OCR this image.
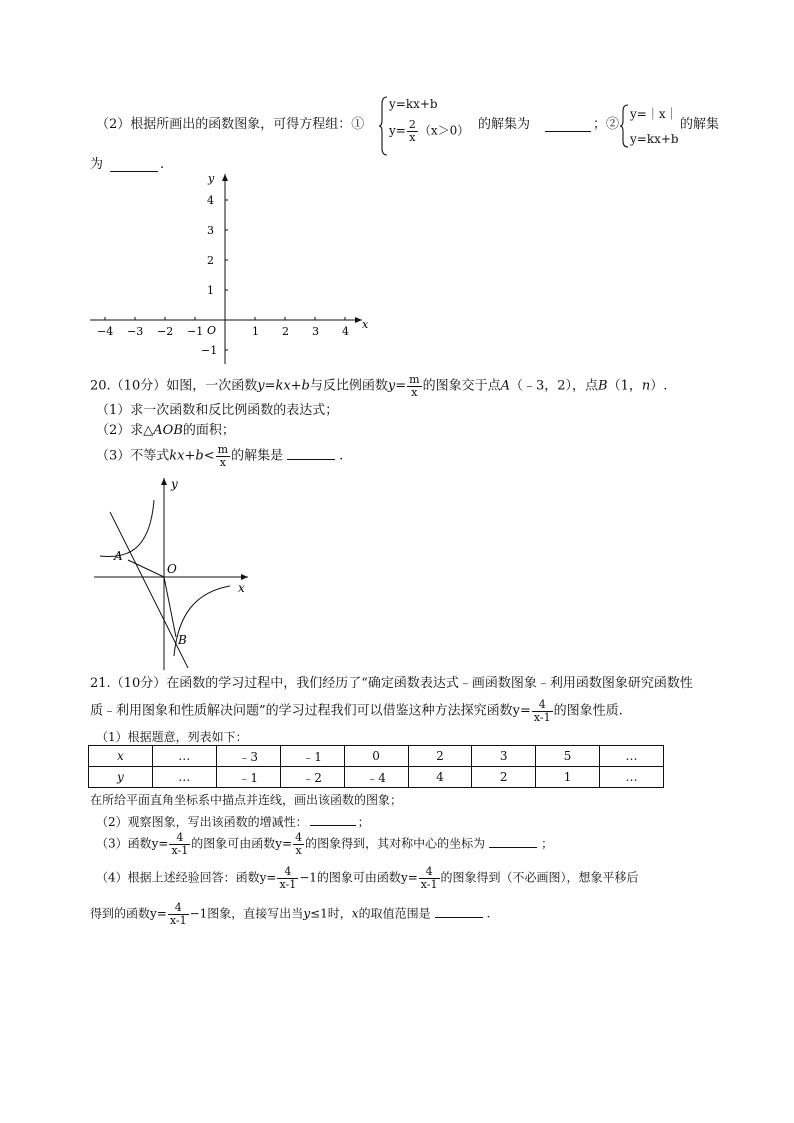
（2）根据所画出的函数图象，可得方程组：①
y=kx+b
$y= \frac{2}{x} (x>0)$ 的解集为	；②
y=｜x｜
y=kx+b
的解集
为	.
−4 −3 −2 −1	1 2 3 4
4
3
2
1
−1
x
y
O
20.（10分）如图，一次函数y=kx+b与反比例函数$y= \frac{m}{x}$ 的图象交于点A（﹣3，2），点B（1，n）.
（1）求一次函数和反比例函数的表达式；
（2）求△AOB的面积；
（3）不等式$kx+b< \frac{m}{x}$ 的解集是	.
y
x
O
A
B
21.（10分）在函数的学习过程中，我们经历了“确定函数表达式﹣画函数图象﹣利用函数图象研究函数性
质﹣利用图象和性质解决问题”的学习过程我们可以借鉴这种方法探究函数$y= \frac{4}{x-1}$ 的图象性质.
（1）根据题意，列表如下：
x	…	﹣3	﹣1	0	2	3	5	…
y	…	﹣1	﹣2	﹣4	4	2	1	…
在所给平面直角坐标系中描点并连线，画出该函数的图象；
（2）观察图象，写出该函数的增减性：	；
（3）函数$y= \frac{4}{x-1}$ 的图象可由函数$y= \frac{4}{x}$ 的图象得到，其对称中心的坐标为	；
（4）根据上述经验回答：函数$y= \frac{4}{x-1} -1$的图象可由函数$y= \frac{4}{x-1}$ 的图象得到（不必画图），想象平移后
得到的函数$y= \frac{4}{x-1} -1$图象，直接写出当y≤1时，x的取值范围是	.
